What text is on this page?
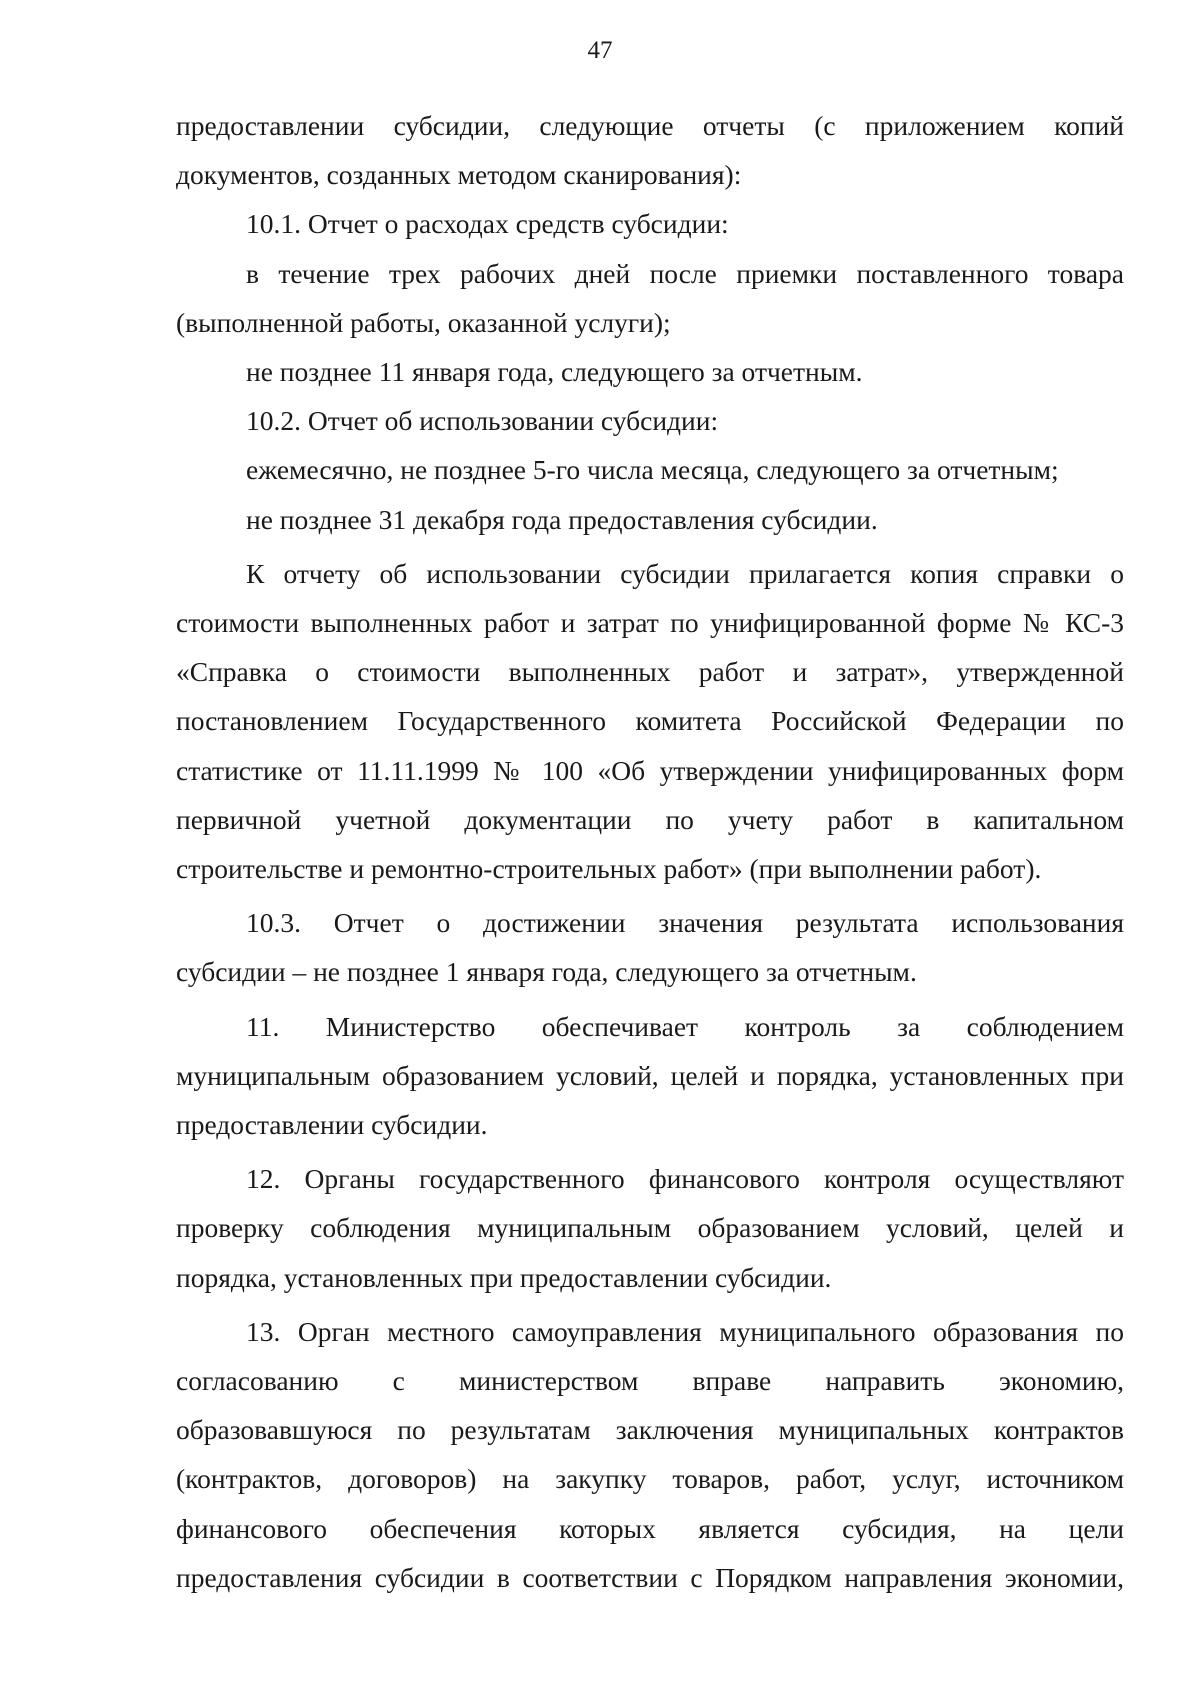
47

предоставлении субсидии, следующие отчеты (с приложением копий

документов, созданных методом сканирования):

10.1. Отчет о расходах средств субсидии:

в течение трех рабочих дней после приемки поставленного товара

(выполненной работы, оказанной услуги);

не позднее 11 января года, следующего за отчетным.

10.2. Отчет об использовании субсидии:

ежемесячно, не позднее 5-го числа месяца, следующего за отчетным;

не позднее 31 декабря года предоставления субсидии.

К отчету об использовании субсидии прилагается копия справки о

стоимости выполненных работ и затрат по унифицированной форме № КС-3

«Справка о стоимости выполненных работ и затрат», утвержденной

постановлением Государственного комитета Российской Федерации по

статистике от 11.11.1999 № 100 «Об утверждении унифицированных форм

первичной учетной документации по учету работ в капитальном

строительстве и ремонтно-строительных работ» (при выполнении работ).

10.3. Отчет о достижении значения результата использования

субсидии – не позднее 1 января года, следующего за отчетным.

11. Министерство обеспечивает контроль за соблюдением

муниципальным образованием условий, целей и порядка, установленных при

предоставлении субсидии.

12. Органы государственного финансового контроля осуществляют

проверку соблюдения муниципальным образованием условий, целей и

порядка, установленных при предоставлении субсидии.

13. Орган местного самоуправления муниципального образования по

согласованию с министерством вправе направить экономию,

образовавшуюся по результатам заключения муниципальных контрактов

(контрактов, договоров) на закупку товаров, работ, услуг, источником

финансового обеспечения которых является субсидия, на цели

предоставления субсидии в соответствии с Порядком направления экономии,
